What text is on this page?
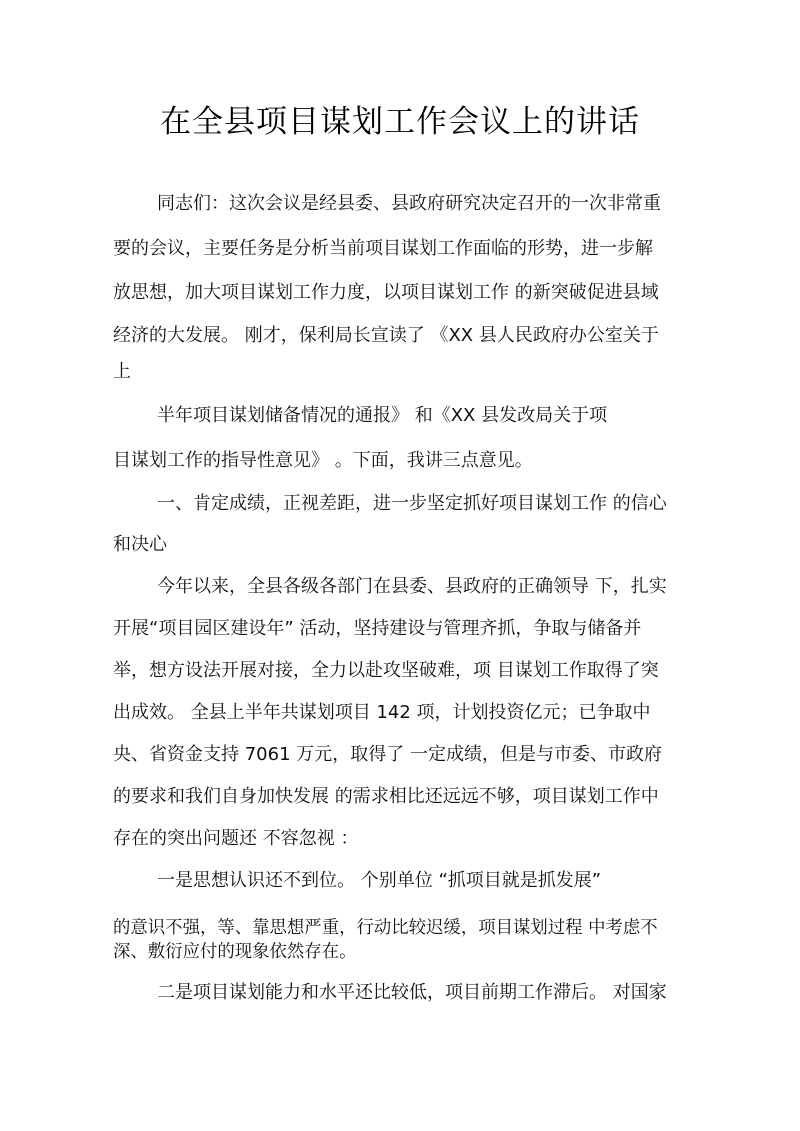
在全县项目谋划工作会议上的讲话
同志们：这次会议是经县委、县政府研究决定召开的一次非常重
要的会议，主要任务是分析当前项目谋划工作面临的形势，进一步解
放思想，加大项目谋划工作力度，以项目谋划工作 的新突破促进县域
经济的大发展。 刚才，保利局长宣读了 《XX 县人民政府办公室关于
上
半年项目谋划储备情况的通报》 和《XX 县发改局关于项
目谋划工作的指导性意见》 。下面，我讲三点意见。
一、肯定成绩，正视差距，进一步坚定抓好项目谋划工作 的信心
和决心
今年以来，全县各级各部门在县委、县政府的正确领导 下，扎实
开展“项目园区建设年” 活动，坚持建设与管理齐抓，争取与储备并
举，想方设法开展对接，全力以赴攻坚破难，项 目谋划工作取得了突
出成效。 全县上半年共谋划项目 142 项，计划投资亿元；已争取中
央、省资金支持 7061 万元，取得了 一定成绩，但是与市委、市政府
的要求和我们自身加快发展 的需求相比还远远不够，项目谋划工作中
存在的突出问题还 不容忽视 ：
一是思想认识还不到位。 个别单位 “抓项目就是抓发展”
的意识不强，等、靠思想严重，行动比较迟缓，项目谋划过程 中考虑不
深、敷衍应付的现象依然存在。
二是项目谋划能力和水平还比较低，项目前期工作滞后。 对国家
